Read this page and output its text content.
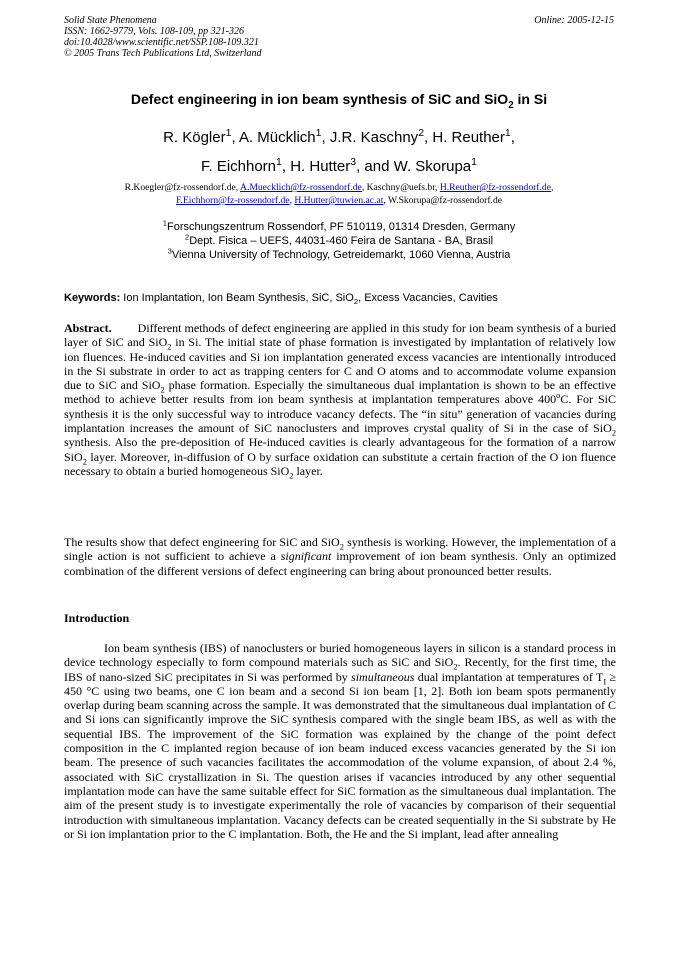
Solid State Phenomena
ISSN: 1662-9779, Vols. 108-109, pp 321-326
doi:10.4028/www.scientific.net/SSP.108-109.321
© 2005 Trans Tech Publications Ltd, Switzerland
Online: 2005-12-15
Defect engineering in ion beam synthesis of SiC and SiO$_2$ in Si
R. Kögler$^1$, A. Mücklich$^1$, J.R. Kaschny$^2$, H. Reuther$^1$,
F. Eichhorn$^1$, H. Hutter$^3$, and W. Skorupa$^1$
R.Koegler@fz-rossendorf.de, A.Muecklich@fz-rossendorf.de, Kaschny@uefs.br, H.Reuther@fz-rossendorf.de,
F.Eichhorn@fz-rossendorf.de, H.Hutter@tuwien.ac.at, W.Skorupa@fz-rossendorf.de
$^1$Forschungszentrum Rossendorf, PF 510119, 01314 Dresden, Germany
$^2$Dept. Fisica – UEFS, 44031-460 Feira de Santana - BA, Brasil
$^3$Vienna University of Technology, Getreidemarkt, 1060 Vienna, Austria
Keywords: Ion Implantation, Ion Beam Synthesis, SiC, SiO$_2$, Excess Vacancies, Cavities
Abstract. Different methods of defect engineering are applied in this study for ion beam synthesis of a buried layer of SiC and SiO$_2$ in Si. The initial state of phase formation is investigated by implantation of relatively low ion fluences. He-induced cavities and Si ion implantation generated excess vacancies are intentionally introduced in the Si substrate in order to act as trapping centers for C and O atoms and to accommodate volume expansion due to SiC and SiO$_2$ phase formation. Especially the simultaneous dual implantation is shown to be an effective method to achieve better results from ion beam synthesis at implantation temperatures above 400$^o$C. For SiC synthesis it is the only successful way to introduce vacancy defects. The “in situ” generation of vacancies during implantation increases the amount of SiC nanoclusters and improves crystal quality of Si in the case of SiO$_2$ synthesis. Also the pre-deposition of He-induced cavities is clearly advantageous for the formation of a narrow SiO$_2$ layer. Moreover, in-diffusion of O by surface oxidation can substitute a certain fraction of the O ion fluence necessary to obtain a buried homogeneous SiO$_2$ layer.
The results show that defect engineering for SiC and SiO$_2$ synthesis is working. However, the implementation of a single action is not sufficient to achieve a significant improvement of ion beam synthesis. Only an optimized combination of the different versions of defect engineering can bring about pronounced better results.
Introduction
Ion beam synthesis (IBS) of nanoclusters or buried homogeneous layers in silicon is a standard process in device technology especially to form compound materials such as SiC and SiO$_2$. Recently, for the first time, the IBS of nano-sized SiC precipitates in Si was performed by simultaneous dual implantation at temperatures of $T_I \ge 450$ °C using two beams, one C ion beam and a second Si ion beam [1, 2]. Both ion beam spots permanently overlap during beam scanning across the sample. It was demonstrated that the simultaneous dual implantation of C and Si ions can significantly improve the SiC synthesis compared with the single beam IBS, as well as with the sequential IBS. The improvement of the SiC formation was explained by the change of the point defect composition in the C implanted region because of ion beam induced excess vacancies generated by the Si ion beam. The presence of such vacancies facilitates the accommodation of the volume expansion, of about 2.4 %, associated with SiC crystallization in Si. The question arises if vacancies introduced by any other sequential implantation mode can have the same suitable effect for SiC formation as the simultaneous dual implantation. The aim of the present study is to investigate experimentally the role of vacancies by comparison of their sequential introduction with simultaneous implantation. Vacancy defects can be created sequentially in the Si substrate by He or Si ion implantation prior to the C implantation. Both, the He and the Si implant, lead after annealing
